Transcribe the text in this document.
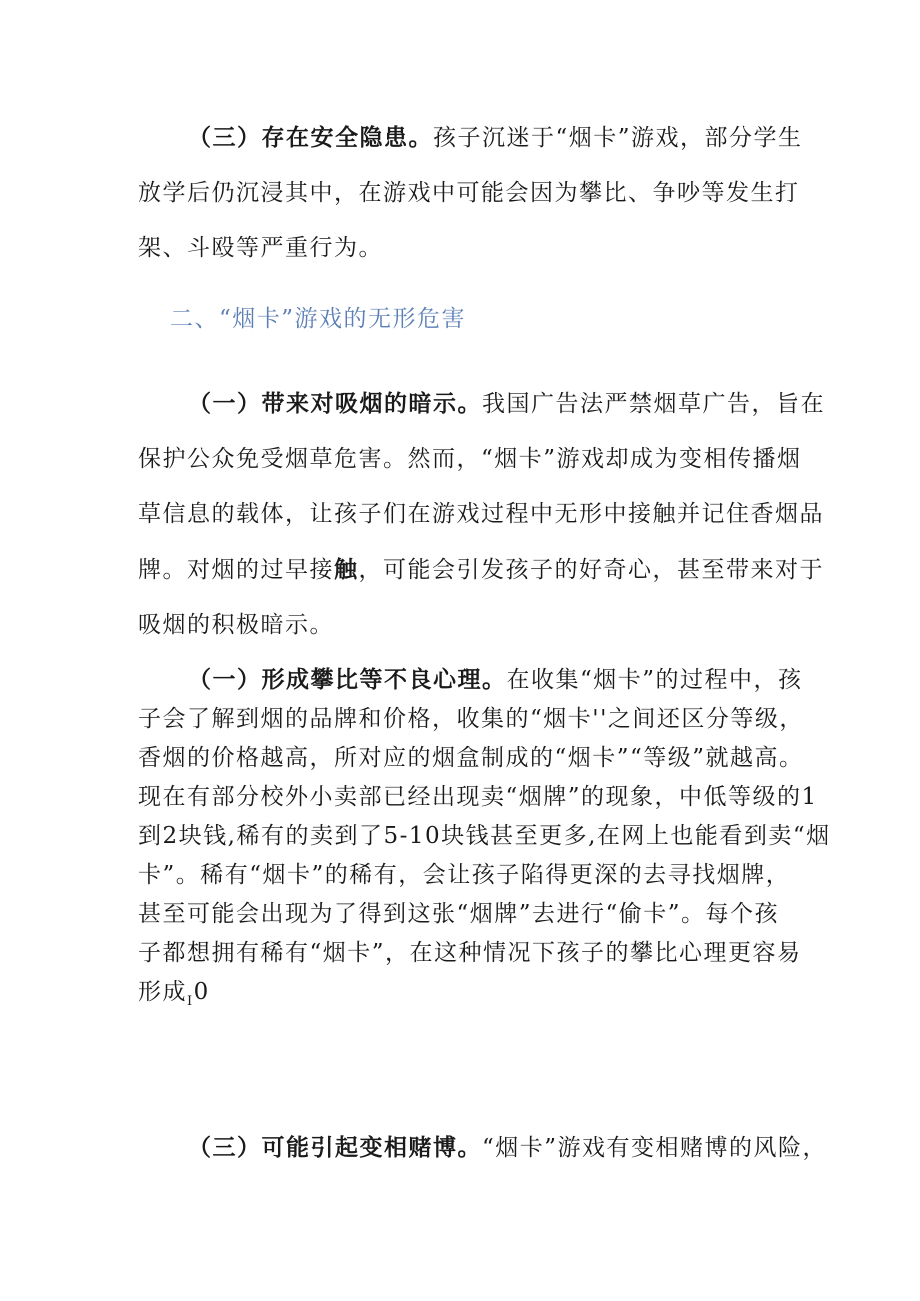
（三）存在安全隐患。孩子沉迷于“烟卡”游戏，部分学生
放学后仍沉浸其中，在游戏中可能会因为攀比、争吵等发生打
架、斗殴等严重行为。
二、“烟卡”游戏的无形危害
（一）带来对吸烟的暗示。我国广告法严禁烟草广告，旨在
保护公众免受烟草危害。然而，“烟卡”游戏却成为变相传播烟
草信息的载体，让孩子们在游戏过程中无形中接触并记住香烟品
牌。对烟的过早接触，可能会引发孩子的好奇心，甚至带来对于
吸烟的积极暗示。
（一）形成攀比等不良心理。在收集“烟卡”的过程中，孩
子会了解到烟的品牌和价格，收集的“烟卡''之间还区分等级，
香烟的价格越高，所对应的烟盒制成的“烟卡”“等级”就越高。
现在有部分校外小卖部已经出现卖“烟牌”的现象，中低等级的1
到2块钱,稀有的卖到了5-10块钱甚至更多,在网上也能看到卖“烟
卡”。稀有“烟卡”的稀有，会让孩子陷得更深的去寻找烟牌，
甚至可能会出现为了得到这张“烟牌”去进行“偷卡”。每个孩
子都想拥有稀有“烟卡”，在这种情况下孩子的攀比心理更容易
形成$_I$0
（三）可能引起变相赌博。“烟卡”游戏有变相赌博的风险，
